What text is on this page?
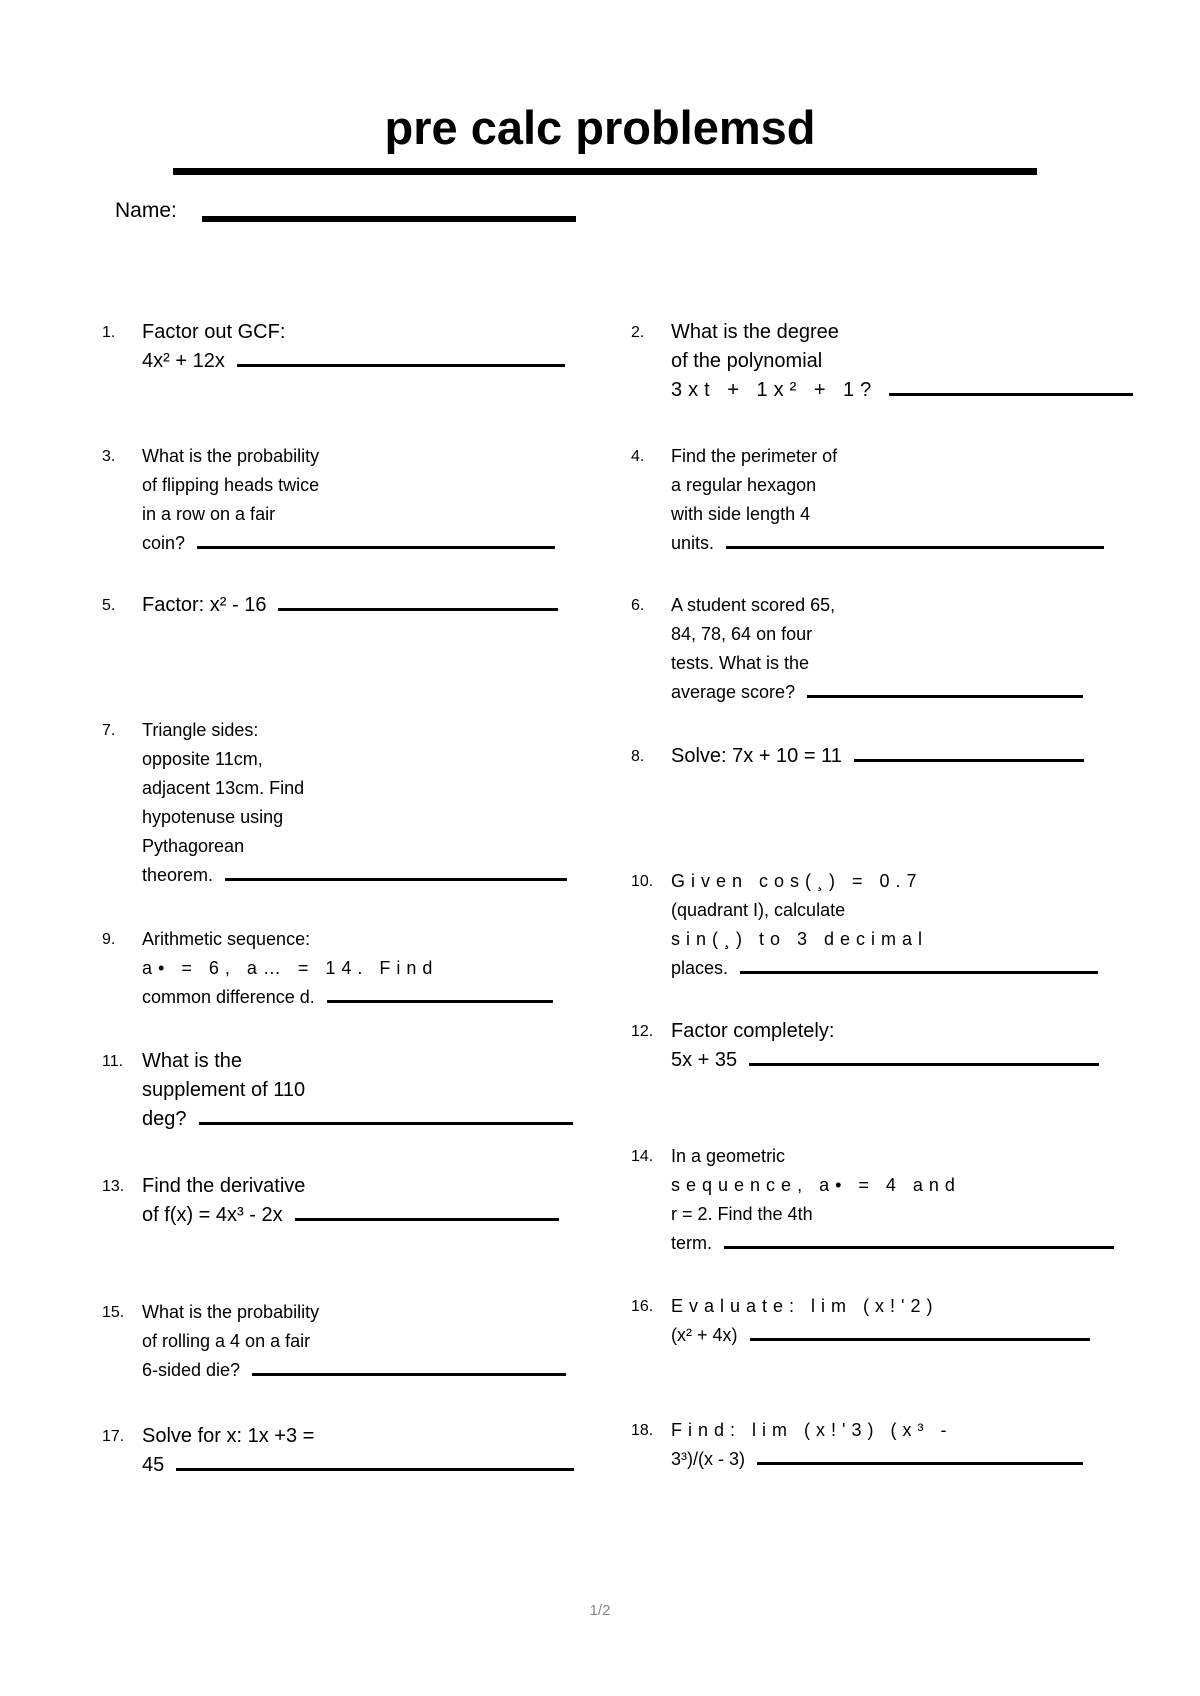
pre calc problemsd
Name:
1.	Factor out GCF:
4x² + 12x
3.	What is the probability
of flipping heads twice
in a row on a fair
coin?
5.	Factor: x² - 16
7.	Triangle sides:
opposite 11cm,
adjacent 13cm. Find
hypotenuse using
Pythagorean
theorem.
9.	Arithmetic sequence:
a• = 6, a… = 14. Find
common difference d.
11. What is the
supplement of 110
deg?
13. Find the derivative
of f(x) = 4x³ - 2x
15. What is the probability
of rolling a 4 on a fair
6-sided die?
17. Solve for x: 1x +3 =
45
2.	What is the degree
of the polynomial
3xt + 1x² + 1?
4.	Find the perimeter of
a regular hexagon
with side length 4
units.
6.	A student scored 65,
84, 78, 64 on four
tests. What is the
average score?
8.	Solve: 7x + 10 = 11
10. Given cos(¸) = 0.7
(quadrant I), calculate
sin(¸) to 3 decimal
places.
12. Factor completely:
5x + 35
14. In a geometric
sequence, a• = 4 and
r = 2. Find the 4th
term.
16. Evaluate: lim (x!'2)
(x² + 4x)
18. Find: lim (x!'3) (x³ -
3³)/(x - 3)
1/2
